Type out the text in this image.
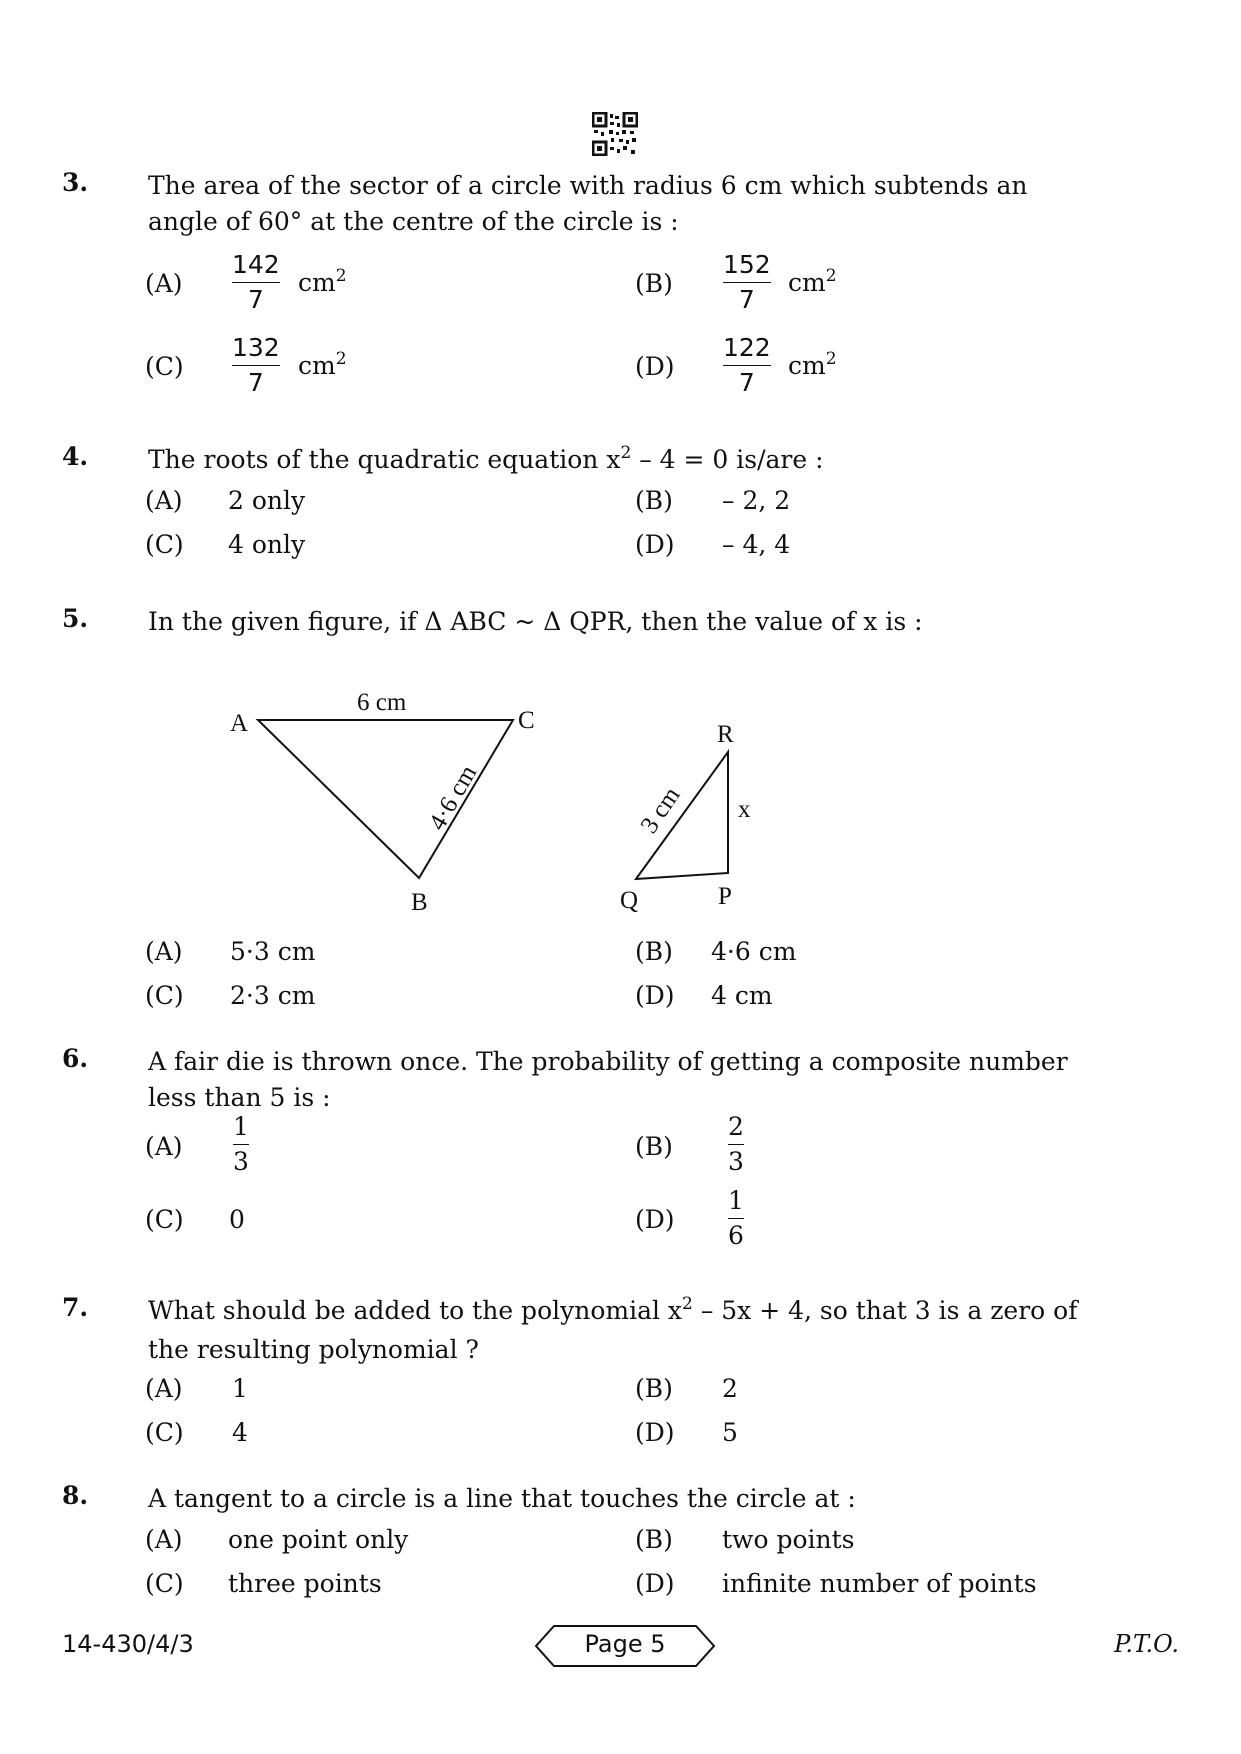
3. The area of the sector of a circle with radius 6 cm which subtends an
angle of 60° at the centre of the circle is :
(A)
142
7
$cm^2$	(B)
152
7
$cm^2$
(C)
132
7
$cm^2$	(D)
122
7
$cm^2$
4. The roots of the quadratic equation $x^2 - 4 = 0$ is/are :
(A) 2 only	(B) – 2, 2
(C) 4 only	(D) – 4, 4
5. In the given figure, if Δ ABC ~ Δ QPR, then the value of x is :
A	C
B
6 cm
4·6 cm
R
Q	P
x
3 cm
(A) 5·3 cm	(B) 4·6 cm
(C) 2·3 cm	(D) 4 cm
6. A fair die is thrown once. The probability of getting a composite number
less than 5 is :
(A)
1
3
(B)
2
3
(C) 0	(D)
1
6
7. What should be added to the polynomial $x^2 - 5x + 4$, so that 3 is a zero of
the resulting polynomial ?
(A) 1	(B) 2
(C) 4	(D) 5
8. A tangent to a circle is a line that touches the circle at :
(A) one point only	(B) two points
(C) three points	(D) infinite number of points
14-430/4/3	Page 5	P.T.O.
